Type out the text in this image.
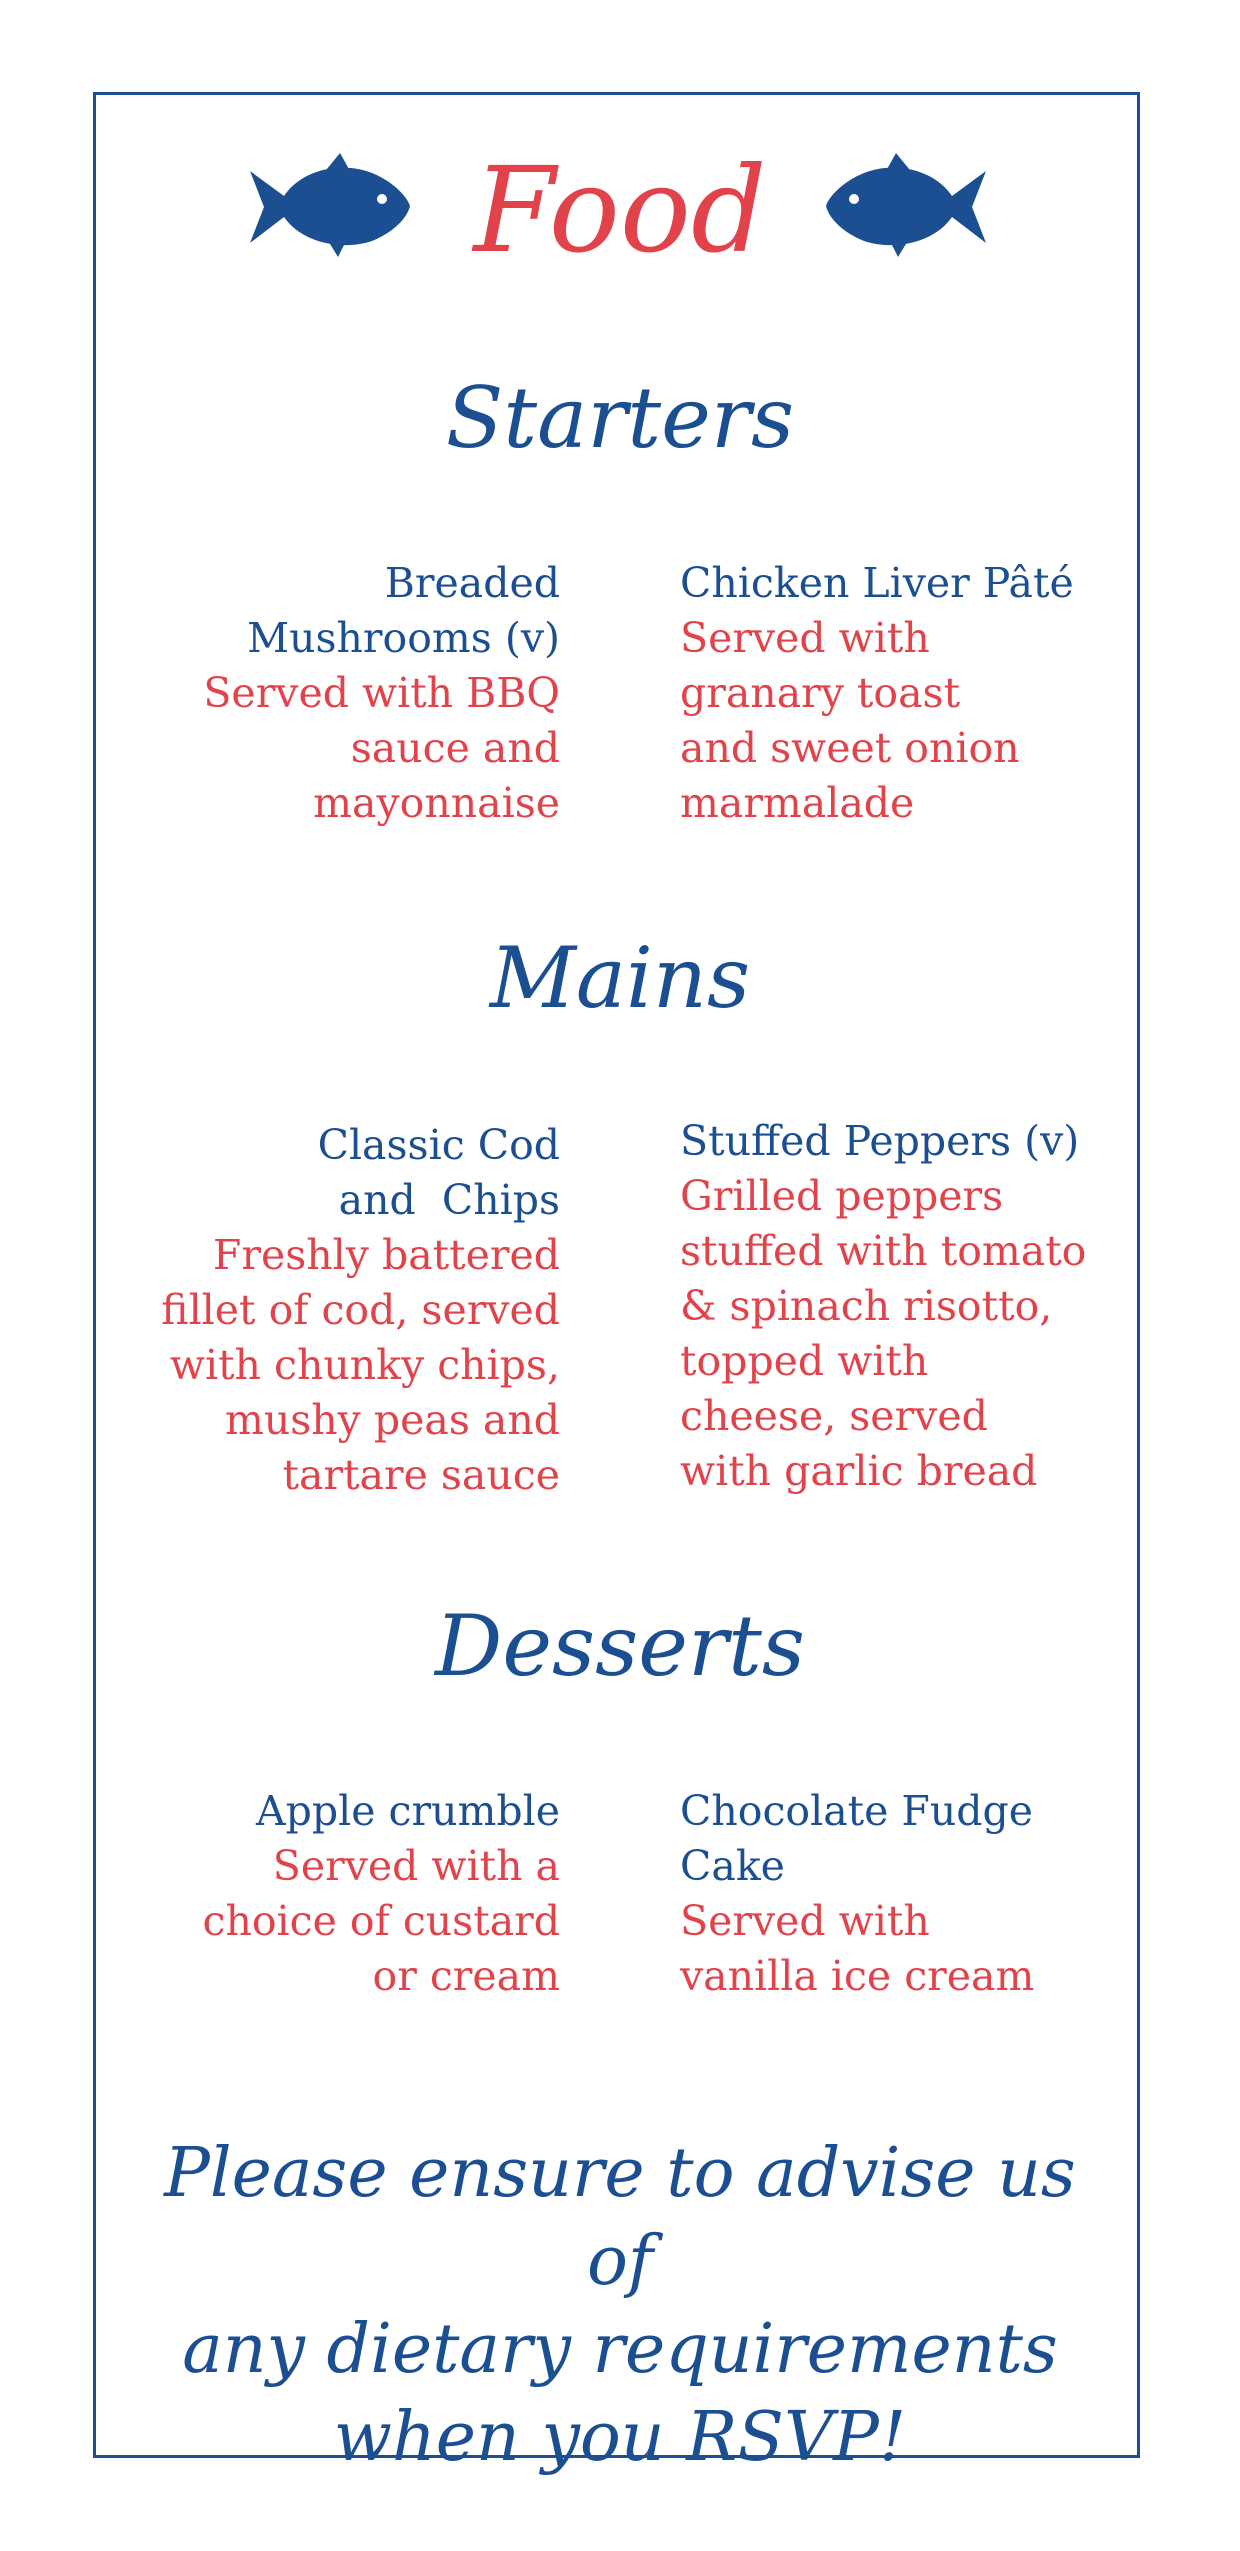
Food
Starters
Breaded
Mushrooms (v)
Served with BBQ
sauce and
mayonnaise
Chicken Liver Pâté
Served with
granary toast
and sweet onion
marmalade
Mains
Classic Cod
and  Chips
Freshly battered
fillet of cod, served
with chunky chips,
mushy peas and
tartare sauce
Stuffed Peppers (v)
Grilled peppers
stuffed with tomato
& spinach risotto,
topped with
cheese, served
with garlic bread
Desserts
Apple crumble
Served with a
choice of custard
or cream
Chocolate Fudge
Cake
Served with
vanilla ice cream
Please ensure to advise us of
any dietary requirements
when you RSVP!
